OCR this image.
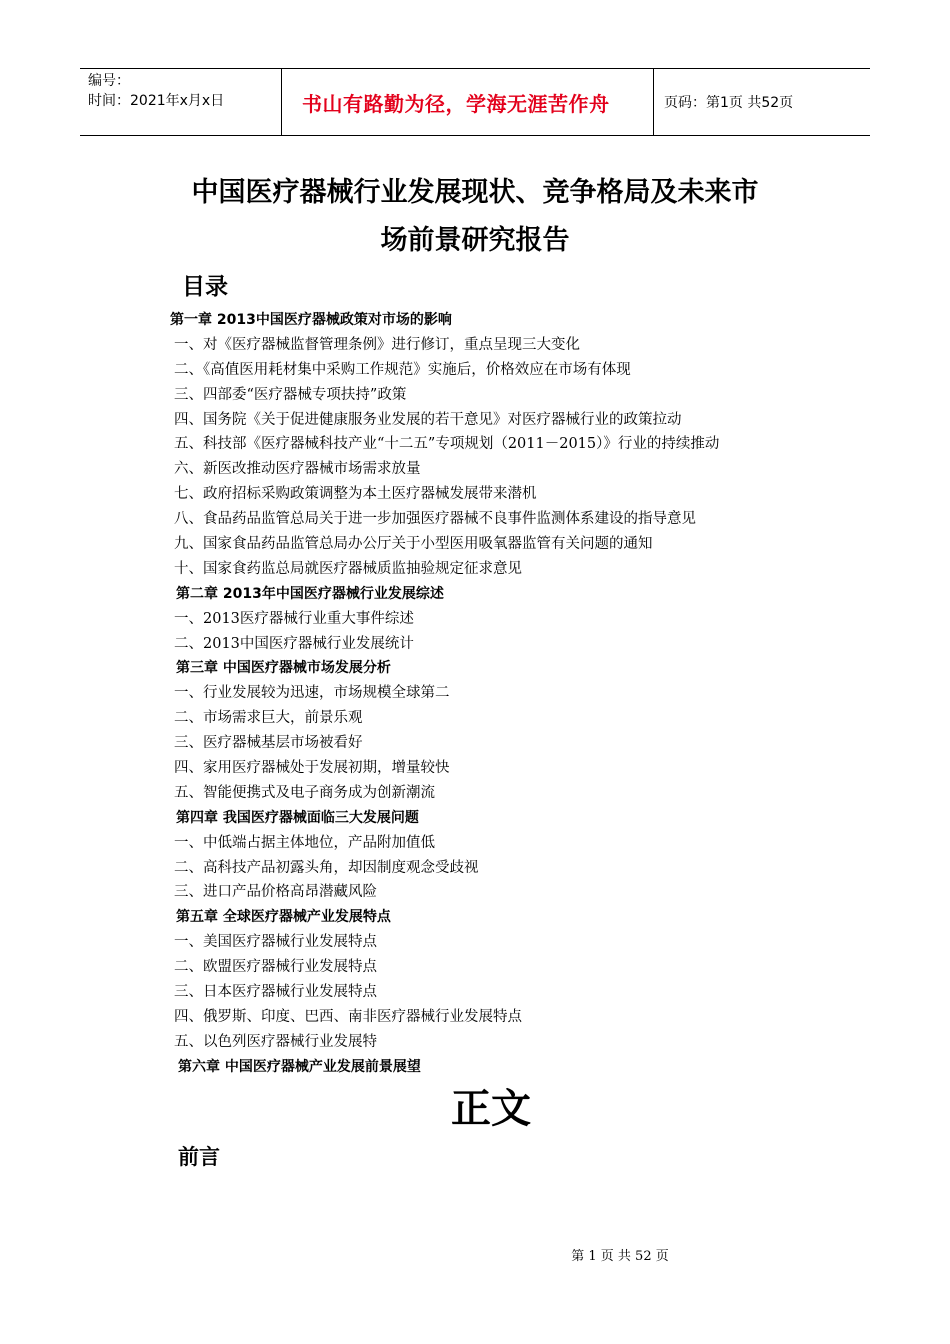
编号：
时间：2021年x月x日	书山有路勤为径，学海无涯苦作舟	页码：第1页 共52页
中国医疗器械行业发展现状、竞争格局及未来市
场前景研究报告
目录
第一章 2013中国医疗器械政策对市场的影响
一、对《医疗器械监督管理条例》进行修订，重点呈现三大变化
二、《高值医用耗材集中采购工作规范》实施后，价格效应在市场有体现
三、四部委“医疗器械专项扶持”政策
四、国务院《关于促进健康服务业发展的若干意见》对医疗器械行业的政策拉动
五、科技部《医疗器械科技产业“十二五”专项规划（2011－2015）》行业的持续推动
六、新医改推动医疗器械市场需求放量
七、政府招标采购政策调整为本土医疗器械发展带来潜机
八、食品药品监管总局关于进一步加强医疗器械不良事件监测体系建设的指导意见
九、国家食品药品监管总局办公厅关于小型医用吸氧器监管有关问题的通知
十、国家食药监总局就医疗器械质监抽验规定征求意见
第二章 2013年中国医疗器械行业发展综述
一、2013医疗器械行业重大事件综述
二、2013中国医疗器械行业发展统计
第三章 中国医疗器械市场发展分析
一、行业发展较为迅速，市场规模全球第二
二、市场需求巨大，前景乐观
三、医疗器械基层市场被看好
四、家用医疗器械处于发展初期，增量较快
五、智能便携式及电子商务成为创新潮流
第四章 我国医疗器械面临三大发展问题
一、中低端占据主体地位，产品附加值低
二、高科技产品初露头角，却因制度观念受歧视
三、进口产品价格高昂潜藏风险
第五章 全球医疗器械产业发展特点
一、美国医疗器械行业发展特点
二、欧盟医疗器械行业发展特点
三、日本医疗器械行业发展特点
四、俄罗斯、印度、巴西、南非医疗器械行业发展特点
五、以色列医疗器械行业发展特
第六章 中国医疗器械产业发展前景展望
正文
前言
第 1 页 共 52 页
